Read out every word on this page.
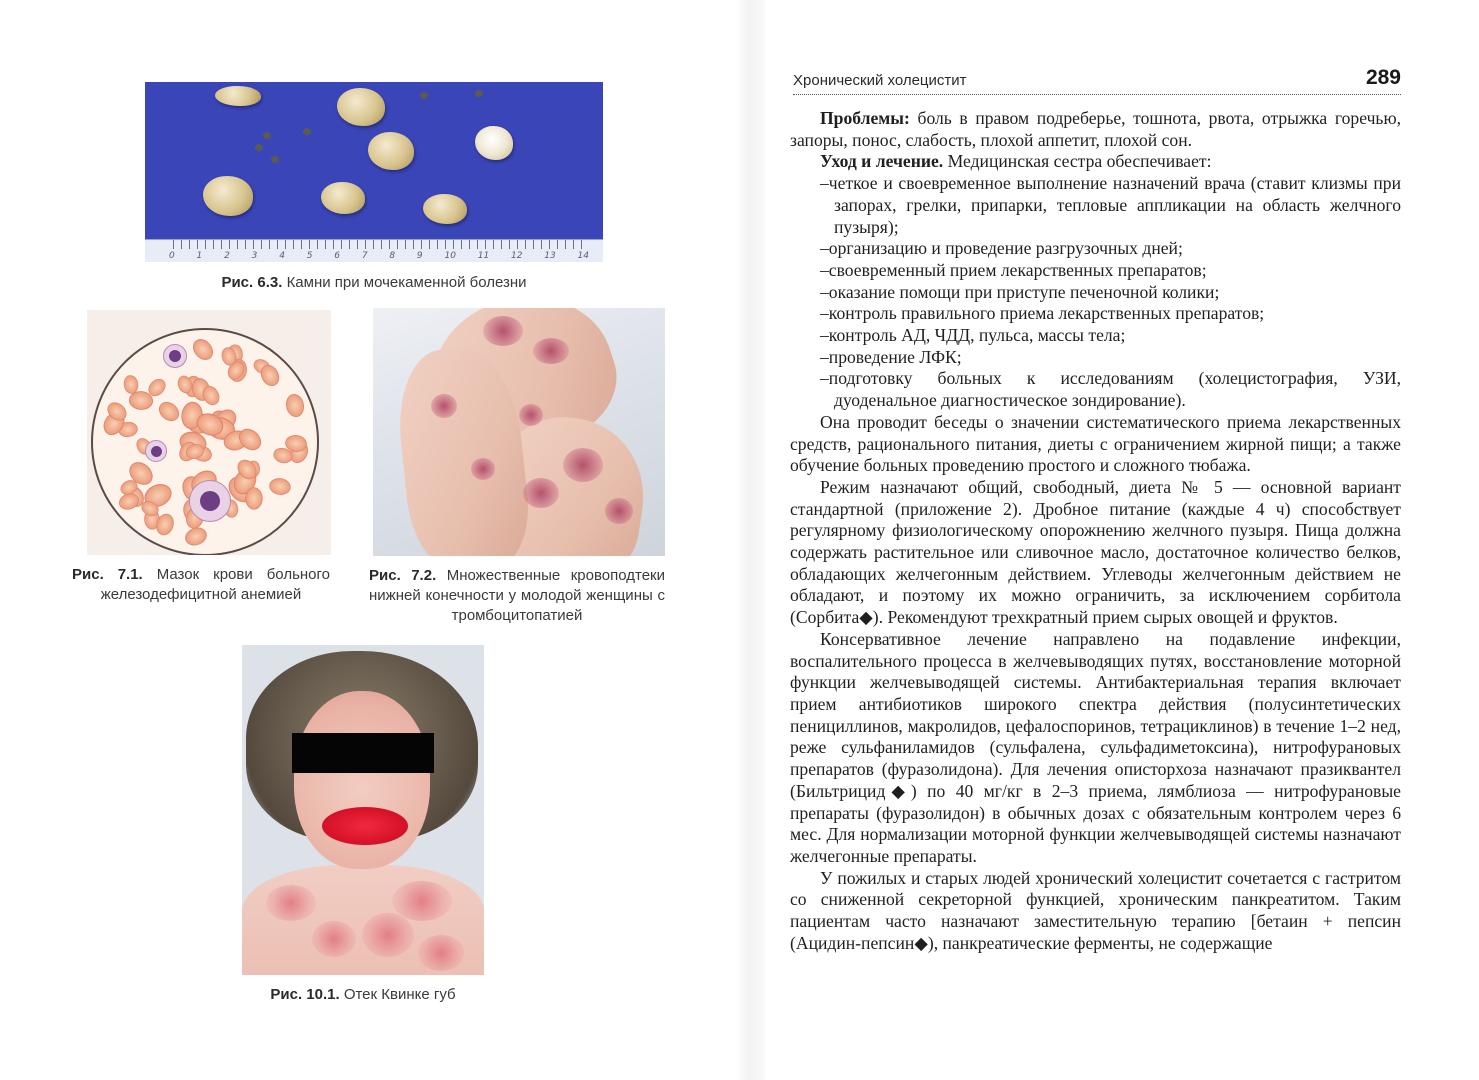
0 1 2 3 4 5 6 7 8 9 10 11 12 13 14
Рис. 6.3. Камни при мочекаменной болезни
Рис. 7.1. Мазок крови больного железодефицитной анемией
Рис. 7.2. Множественные кровоподтеки нижней конечности у молодой женщины с тромбоцитопатией
Рис. 10.1. Отек Квинке губ
Хронический холецистит	289

Проблемы: боль в правом подреберье, тошнота, рвота, отрыжка горечью, запоры, понос, слабость, плохой аппетит, плохой сон.

Уход и лечение. Медицинская сестра обеспечивает:

– четкое и своевременное выполнение назначений врача (ставит клизмы при запорах, грелки, припарки, тепловые аппликации на область желчного пузыря);
– организацию и проведение разгрузочных дней;
– своевременный прием лекарственных препаратов;
– оказание помощи при приступе печеночной колики;
– контроль правильного приема лекарственных препаратов;
– контроль АД, ЧДД, пульса, массы тела;
– проведение ЛФК;
– подготовку больных к исследованиям (холецистография, УЗИ, дуоденальное диагностическое зондирование).

Она проводит беседы о значении систематического приема лекарственных средств, рационального питания, диеты с ограничением жирной пищи; а также обучение больных проведению простого и сложного тюбажа.

Режим назначают общий, свободный, диета № 5 — основной вариант стандартной (приложение 2). Дробное питание (каждые 4 ч) способствует регулярному физиологическому опорожнению желчного пузыря. Пища должна содержать растительное или сливочное масло, достаточное количество белков, обладающих желчегонным действием. Углеводы желчегонным действием не обладают, и поэтому их можно ограничить, за исключением сорбитола (Сорбита◆). Рекомендуют трехкратный прием сырых овощей и фруктов.

Консервативное лечение направлено на подавление инфекции, воспалительного процесса в желчевыводящих путях, восстановление моторной функции желчевыводящей системы. Антибактериальная терапия включает прием антибиотиков широкого спектра действия (полусинтетических пенициллинов, макролидов, цефалоспоринов, тетрациклинов) в течение 1–2 нед, реже сульфаниламидов (сульфалена, сульфадиметоксина), нитрофурановых препаратов (фуразолидона). Для лечения описторхоза назначают празиквантел (Бильтрицид◆) по 40 мг/кг в 2–3 приема, лямблиоза — нитрофурановые препараты (фуразолидон) в обычных дозах с обязательным контролем через 6 мес. Для нормализации моторной функции желчевыводящей системы назначают желчегонные препараты.

У пожилых и старых людей хронический холецистит сочетается с гастритом со сниженной секреторной функцией, хроническим панкреатитом. Таким пациентам часто назначают заместительную терапию [бетаин + пепсин (Ацидин-пепсин◆), панкреатические ферменты, не содержащие
